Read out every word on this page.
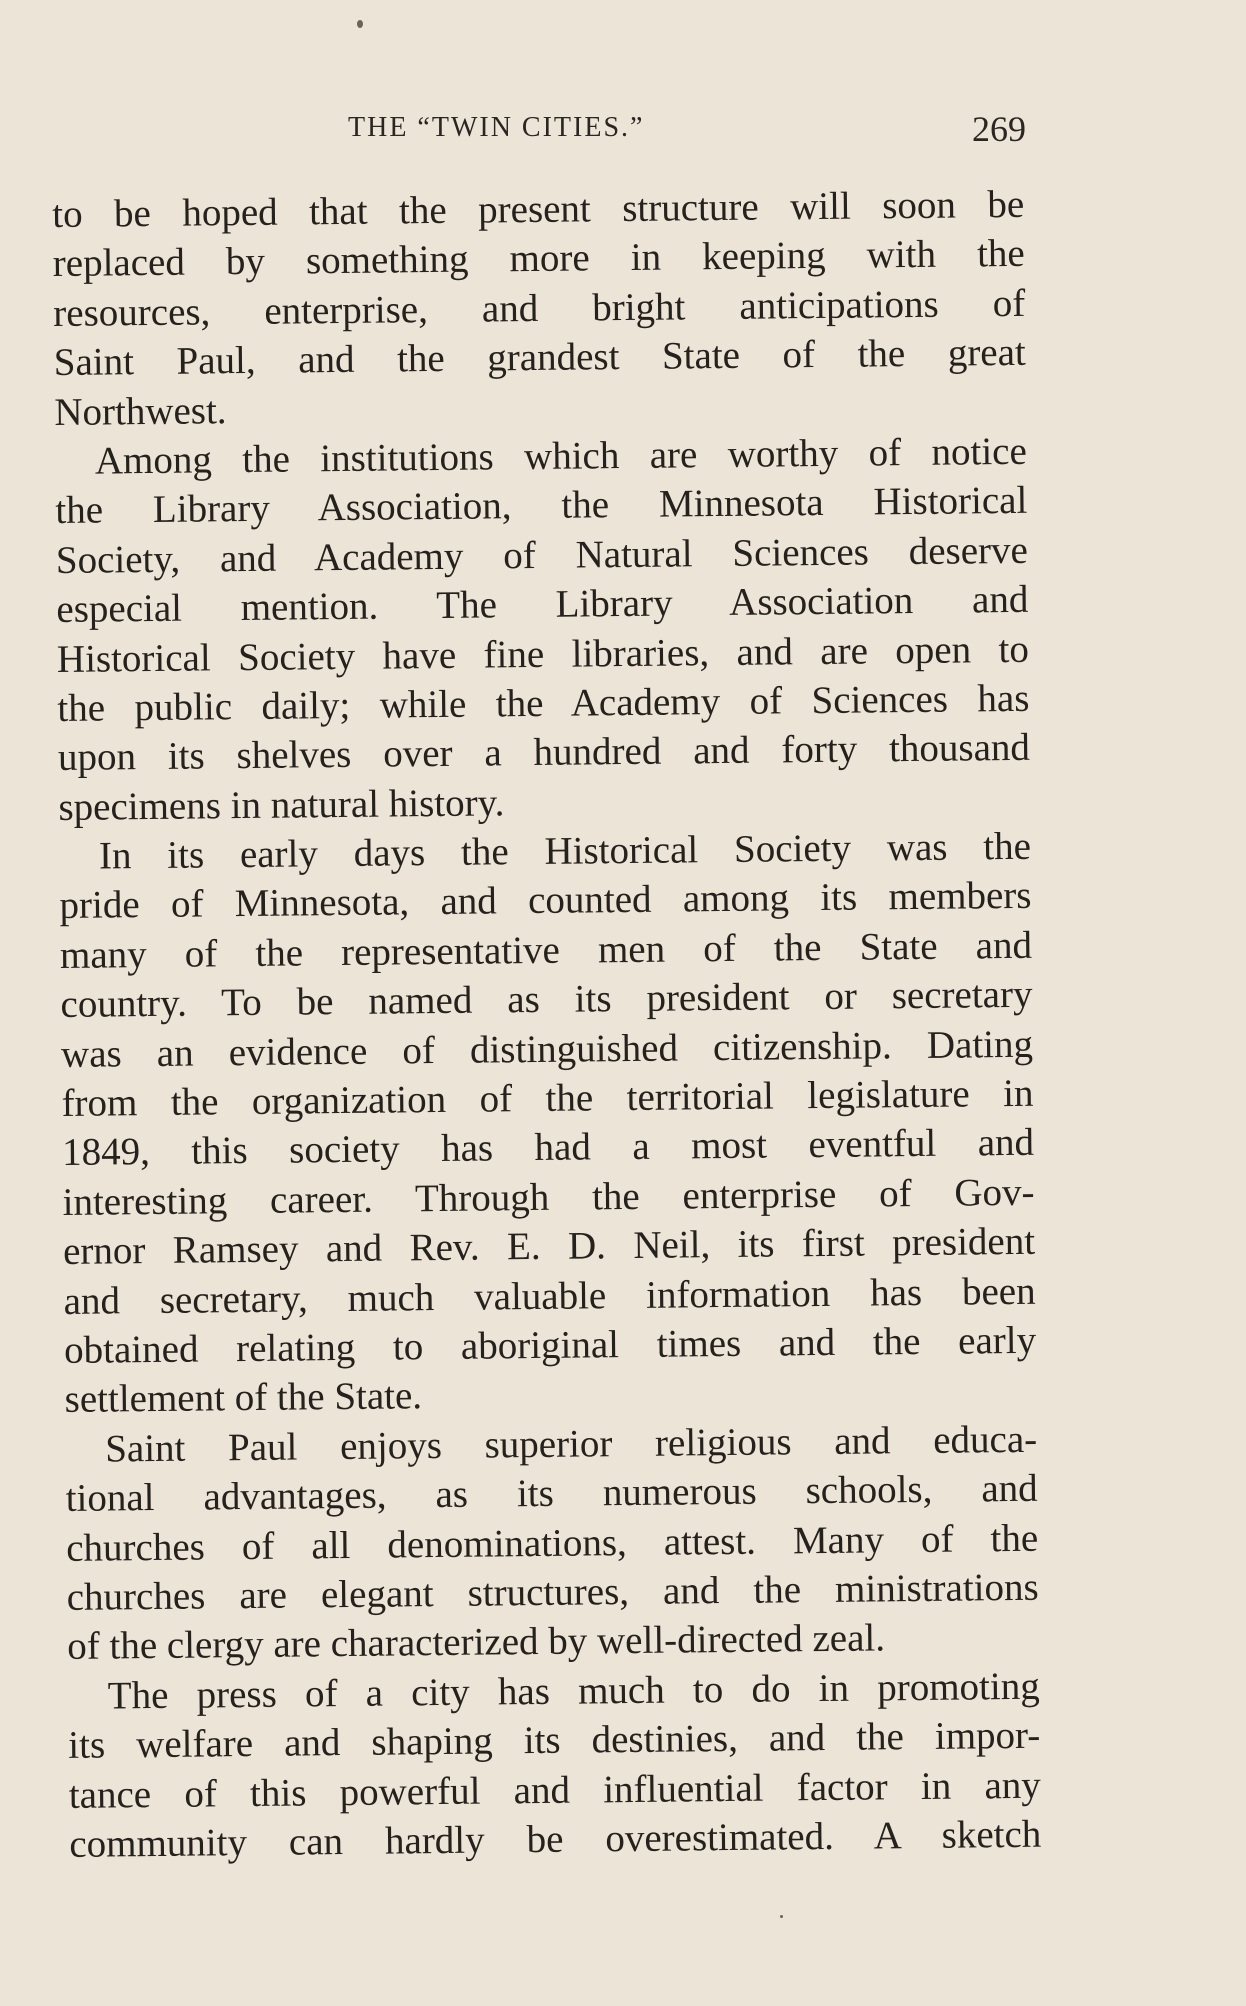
THE “TWIN CITIES.”	269
to be hoped that the present structure will soon be
replaced by something more in keeping with the
resources, enterprise, and bright anticipations of
Saint Paul, and the grandest State of the great
Northwest.
Among the institutions which are worthy of notice
the Library Association, the Minnesota Historical
Society, and Academy of Natural Sciences deserve
especial mention. The Library Association and
Historical Society have fine libraries, and are open to
the public daily; while the Academy of Sciences has
upon its shelves over a hundred and forty thousand
specimens in natural history.
In its early days the Historical Society was the
pride of Minnesota, and counted among its members
many of the representative men of the State and
country. To be named as its president or secretary
was an evidence of distinguished citizenship. Dating
from the organization of the territorial legislature in
1849, this society has had a most eventful and
interesting career. Through the enterprise of Gov-
ernor Ramsey and Rev. E. D. Neil, its first president
and secretary, much valuable information has been
obtained relating to aboriginal times and the early
settlement of the State.
Saint Paul enjoys superior religious and educa-
tional advantages, as its numerous schools, and
churches of all denominations, attest. Many of the
churches are elegant structures, and the ministrations
of the clergy are characterized by well-directed zeal.
The press of a city has much to do in promoting
its welfare and shaping its destinies, and the impor-
tance of this powerful and influential factor in any
community can hardly be overestimated. A sketch
